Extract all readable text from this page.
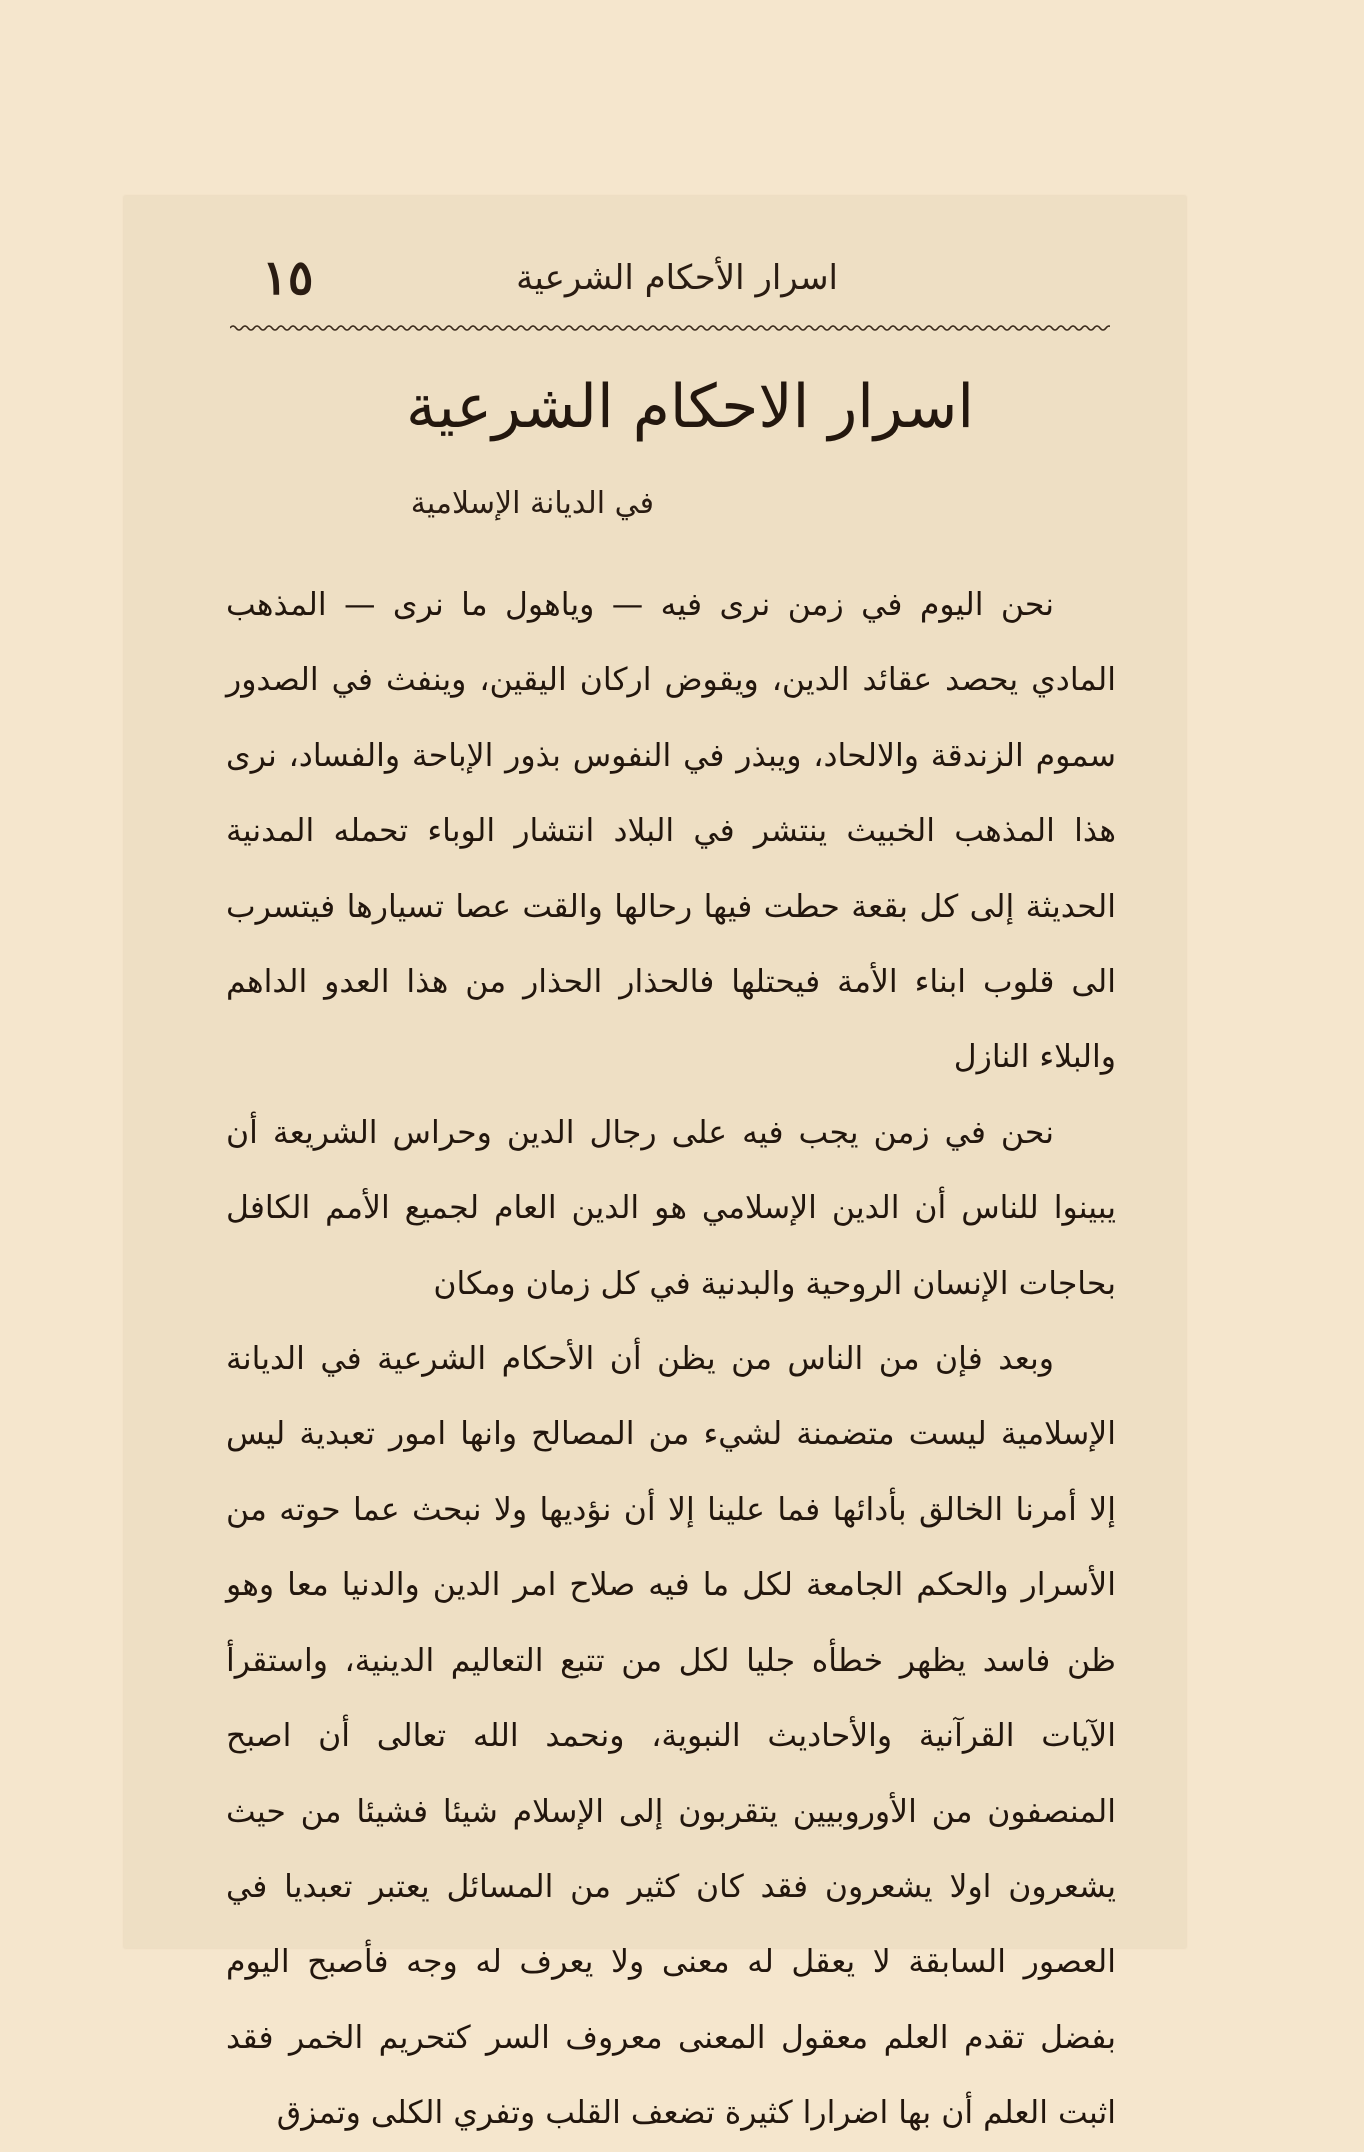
١٥	اسرار الأحكام الشرعية
اسرار الاحكام الشرعية
في الديانة الإسلامية

نحن اليوم في زمن نرى فيه — وياهول ما نرى — المذهب المادي يحصد عقائد الدين، ويقوض اركان اليقين، وينفث في الصدور سموم الزندقة والالحاد، ويبذر في النفوس بذور الإباحة والفساد، نرى هذا المذهب الخبيث ينتشر في البلاد انتشار الوباء تحمله المدنية الحديثة إلى كل بقعة حطت فيها رحالها والقت عصا تسيارها فيتسرب الى قلوب ابناء الأمة فيحتلها فالحذار الحذار من هذا العدو الداهم والبلاء النازل

نحن في زمن يجب فيه على رجال الدين وحراس الشريعة أن يبينوا للناس أن الدين الإسلامي هو الدين العام لجميع الأمم الكافل بحاجات الإنسان الروحية والبدنية في كل زمان ومكان

وبعد فإن من الناس من يظن أن الأحكام الشرعية في الديانة الإسلامية ليست متضمنة لشيء من المصالح وانها امور تعبدية ليس إلا أمرنا الخالق بأدائها فما علينا إلا أن نؤديها ولا نبحث عما حوته من الأسرار والحكم الجامعة لكل ما فيه صلاح امر الدين والدنيا معا وهو ظن فاسد يظهر خطأه جليا لكل من تتبع التعاليم الدينية، واستقرأ الآيات القرآنية والأحاديث النبوية، ونحمد الله تعالى أن اصبح المنصفون من الأوروبيين يتقربون إلى الإسلام شيئا فشيئا من حيث يشعرون اولا يشعرون فقد كان كثير من المسائل يعتبر تعبديا في العصور السابقة لا يعقل له معنى ولا يعرف له وجه فأصبح اليوم بفضل تقدم العلم معقول المعنى معروف السر كتحريم الخمر فقد اثبت العلم أن بها اضرارا كثيرة تضعف القلب وتفري الكلى وتمزق
